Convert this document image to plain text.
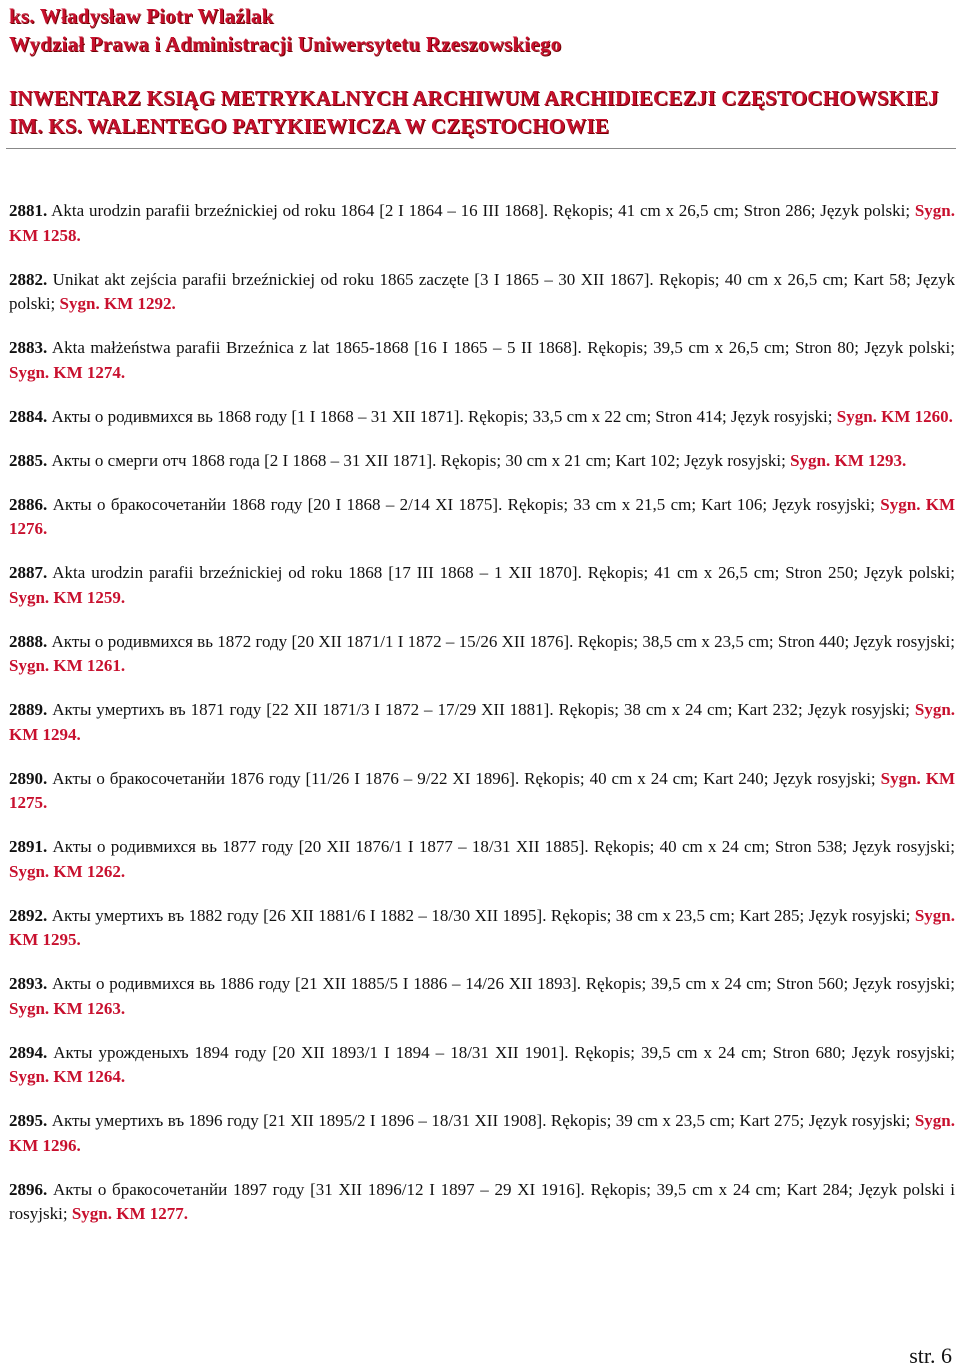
ks. Władysław Piotr Wlaźlak
Wydział Prawa i Administracji Uniwersytetu Rzeszowskiego
INWENTARZ KSIĄG METRYKALNYCH ARCHIWUM ARCHIDIECEZJI CZĘSTOCHOWSKIEJ
IM. KS. WALENTEGO PATYKIEWICZA W CZĘSTOCHOWIE
2881. Akta urodzin parafii brzeźnickiej od roku 1864 [2 I 1864 – 16 III 1868]. Rękopis; 41 cm x 26,5 cm; Stron 286; Język polski; Sygn. KM 1258.
2882. Unikat akt zejścia parafii brzeźnickiej od roku 1865 zaczęte [3 I 1865 – 30 XII 1867]. Rękopis; 40 cm x 26,5 cm; Kart 58; Język polski; Sygn. KM 1292.
2883. Akta małżeństwa parafii Brzeźnica z lat 1865-1868 [16 I 1865 – 5 II 1868]. Rękopis; 39,5 cm x 26,5 cm; Stron 80; Język polski; Sygn. KM 1274.
2884. Акты о родивмихся вь 1868 году [1 I 1868 – 31 XII 1871]. Rękopis; 33,5 cm x 22 cm; Stron 414; Język rosyjski; Sygn. KM 1260.
2885. Акты о смерги отч 1868 года [2 I 1868 – 31 XII 1871]. Rękopis; 30 cm x 21 cm; Kart 102; Język rosyjski; Sygn. KM 1293.
2886. Акты о бракосочетанйи 1868 году [20 I 1868 – 2/14 XI 1875]. Rękopis; 33 cm x 21,5 cm; Kart 106; Język rosyjski; Sygn. KM 1276.
2887. Akta urodzin parafii brzeźnickiej od roku 1868 [17 III 1868 – 1 XII 1870]. Rękopis; 41 cm x 26,5 cm; Stron 250; Język polski; Sygn. KM 1259.
2888. Акты о родивмихся вь 1872 году [20 XII 1871/1 I 1872 – 15/26 XII 1876]. Rękopis; 38,5 cm x 23,5 cm; Stron 440; Język rosyjski; Sygn. KM 1261.
2889. Акты умертихъ въ 1871 году [22 XII 1871/3 I 1872 – 17/29 XII 1881]. Rękopis; 38 cm x 24 cm; Kart 232; Język rosyjski; Sygn. KM 1294.
2890. Акты о бракосочетанйи 1876 году [11/26 I 1876 – 9/22 XI 1896]. Rękopis; 40 cm x 24 cm; Kart 240; Język rosyjski; Sygn. KM 1275.
2891. Акты о родивмихся вь 1877 году [20 XII 1876/1 I 1877 – 18/31 XII 1885]. Rękopis; 40 cm x 24 cm; Stron 538; Język rosyjski; Sygn. KM 1262.
2892. Акты умертихъ въ 1882 году [26 XII 1881/6 I 1882 – 18/30 XII 1895]. Rękopis; 38 cm x 23,5 cm; Kart 285; Język rosyjski; Sygn. KM 1295.
2893. Акты о родивмихся вь 1886 году [21 XII 1885/5 I 1886 – 14/26 XII 1893]. Rękopis; 39,5 cm x 24 cm; Stron 560; Język rosyjski; Sygn. KM 1263.
2894. Акты урожденыхъ 1894 году [20 XII 1893/1 I 1894 – 18/31 XII 1901]. Rękopis; 39,5 cm x 24 cm; Stron 680; Język rosyjski; Sygn. KM 1264.
2895. Акты умертихъ въ 1896 году [21 XII 1895/2 I 1896 – 18/31 XII 1908]. Rękopis; 39 cm x 23,5 cm; Kart 275; Język rosyjski; Sygn. KM 1296.
2896. Акты о бракосочетанйи 1897 году [31 XII 1896/12 I 1897 – 29 XI 1916]. Rękopis; 39,5 cm x 24 cm; Kart 284; Język polski i rosyjski; Sygn. KM 1277.
str. 6
